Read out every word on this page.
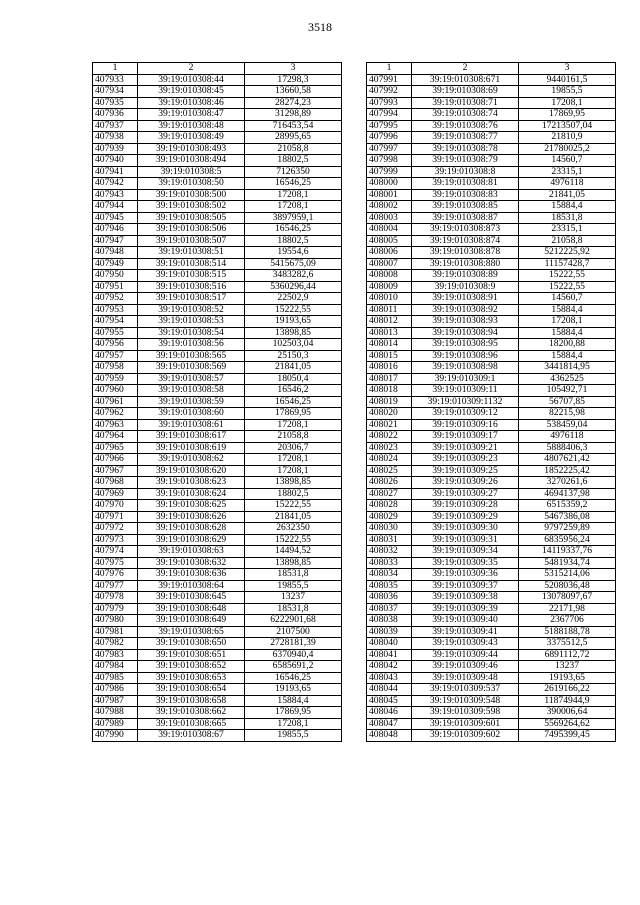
3518
1	2	3
407933	39:19:010308:44	17298,3
407934	39:19:010308:45	13660,58
407935	39:19:010308:46	28274,23
407936	39:19:010308:47	31298,89
407937	39:19:010308:48	716453,54
407938	39:19:010308:49	28995,65
407939	39:19:010308:493	21058,8
407940	39:19:010308:494	18802,5
407941	39:19:010308:5	7126350
407942	39:19:010308:50	16546,25
407943	39:19:010308:500	17208,1
407944	39:19:010308:502	17208,1
407945	39:19:010308:505	3897959,1
407946	39:19:010308:506	16546,25
407947	39:19:010308:507	18802,5
407948	39:19:010308:51	19554,6
407949	39:19:010308:514	5415675,09
407950	39:19:010308:515	3483282,6
407951	39:19:010308:516	5360296,44
407952	39:19:010308:517	22502,9
407953	39:19:010308:52	15222,55
407954	39:19:010308:53	19193,65
407955	39:19:010308:54	13898,85
407956	39:19:010308:56	102503,04
407957	39:19:010308:565	25150,3
407958	39:19:010308:569	21841,05
407959	39:19:010308:57	18050,4
407960	39:19:010308:58	16546,2
407961	39:19:010308:59	16546,25
407962	39:19:010308:60	17869,95
407963	39:19:010308:61	17208,1
407964	39:19:010308:617	21058,8
407965	39:19:010308:619	20306,7
407966	39:19:010308:62	17208,1
407967	39:19:010308:620	17208,1
407968	39:19:010308:623	13898,85
407969	39:19:010308:624	18802,5
407970	39:19:010308:625	15222,55
407971	39:19:010308:626	21841,05
407972	39:19:010308:628	2632350
407973	39:19:010308:629	15222,55
407974	39:19:010308:63	14494,52
407975	39:19:010308:632	13898,85
407976	39:19:010308:636	18531,8
407977	39:19:010308:64	19855,5
407978	39:19:010308:645	13237
407979	39:19:010308:648	18531,8
407980	39:19:010308:649	6222901,68
407981	39:19:010308:65	2107500
407982	39:19:010308:650	2728181,39
407983	39:19:010308:651	6370940,4
407984	39:19:010308:652	6585691,2
407985	39:19:010308:653	16546,25
407986	39:19:010308:654	19193,65
407987	39:19:010308:658	15884,4
407988	39:19:010308:662	17869,95
407989	39:19:010308:665	17208,1
407990	39:19:010308:67	19855,5
1	2	3
407991	39:19:010308:671	9440161,5
407992	39:19:010308:69	19855,5
407993	39:19:010308:71	17208,1
407994	39:19:010308:74	17869,95
407995	39:19:010308:76	17213507,04
407996	39:19:010308:77	21810,9
407997	39:19:010308:78	21780025,2
407998	39:19:010308:79	14560,7
407999	39:19:010308:8	23315,1
408000	39:19:010308:81	4976118
408001	39:19:010308:83	21841,05
408002	39:19:010308:85	15884,4
408003	39:19:010308:87	18531,8
408004	39:19:010308:873	23315,1
408005	39:19:010308:874	21058,8
408006	39:19:010308:878	5212225,92
408007	39:19:010308:880	11157428,7
408008	39:19:010308:89	15222,55
408009	39:19:010308:9	15222,55
408010	39:19:010308:91	14560,7
408011	39:19:010308:92	15884,4
408012	39:19:010308:93	17208,1
408013	39:19:010308:94	15884,4
408014	39:19:010308:95	18200,88
408015	39:19:010308:96	15884,4
408016	39:19:010308:98	3441814,95
408017	39:19:010309:1	4362525
408018	39:19:010309:11	105492,71
408019	39:19:010309:1132	56707,85
408020	39:19:010309:12	82215,98
408021	39:19:010309:16	538459,04
408022	39:19:010309:17	4976118
408023	39:19:010309:21	5888406,3
408024	39:19:010309:23	4807621,42
408025	39:19:010309:25	1852225,42
408026	39:19:010309:26	3270261,6
408027	39:19:010309:27	4694137,98
408028	39:19:010309:28	6515359,2
408029	39:19:010309:29	5467386,08
408030	39:19:010309:30	9797259,89
408031	39:19:010309:31	6835956,24
408032	39:19:010309:34	14119337,76
408033	39:19:010309:35	5481934,74
408034	39:19:010309:36	5315214,06
408035	39:19:010309:37	5208036,48
408036	39:19:010309:38	13078097,67
408037	39:19:010309:39	22171,98
408038	39:19:010309:40	2367706
408039	39:19:010309:41	5188188,78
408040	39:19:010309:43	3375512,5
408041	39:19:010309:44	6891112,72
408042	39:19:010309:46	13237
408043	39:19:010309:48	19193,65
408044	39:19:010309:537	2619166,22
408045	39:19:010309:548	11874944,9
408046	39:19:010309:598	390006,64
408047	39:19:010309:601	5569264,62
408048	39:19:010309:602	7495399,45
